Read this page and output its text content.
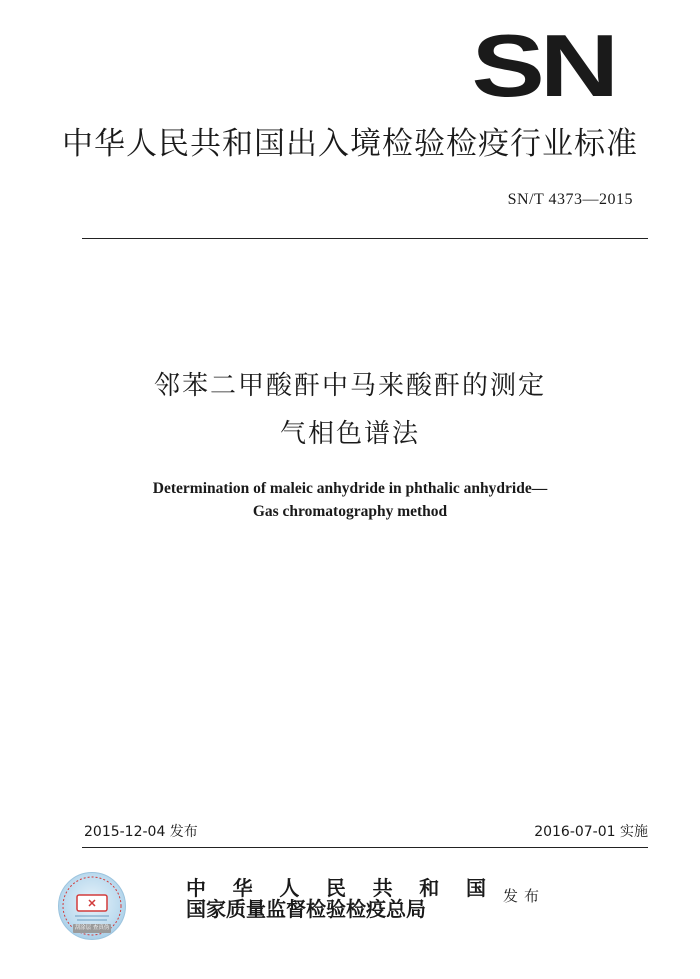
SN
中华人民共和国出入境检验检疫行业标准
SN/T 4373—2015
邻苯二甲酸酐中马来酸酐的测定
气相色谱法
Determination of maleic anhydride in phthalic anhydride—
Gas chromatography method
2015-12-04 发布	2016-07-01 实施
✕
刮涂层 查真伪
中 华 人 民 共 和 国
国家质量监督检验检疫总局
发布
